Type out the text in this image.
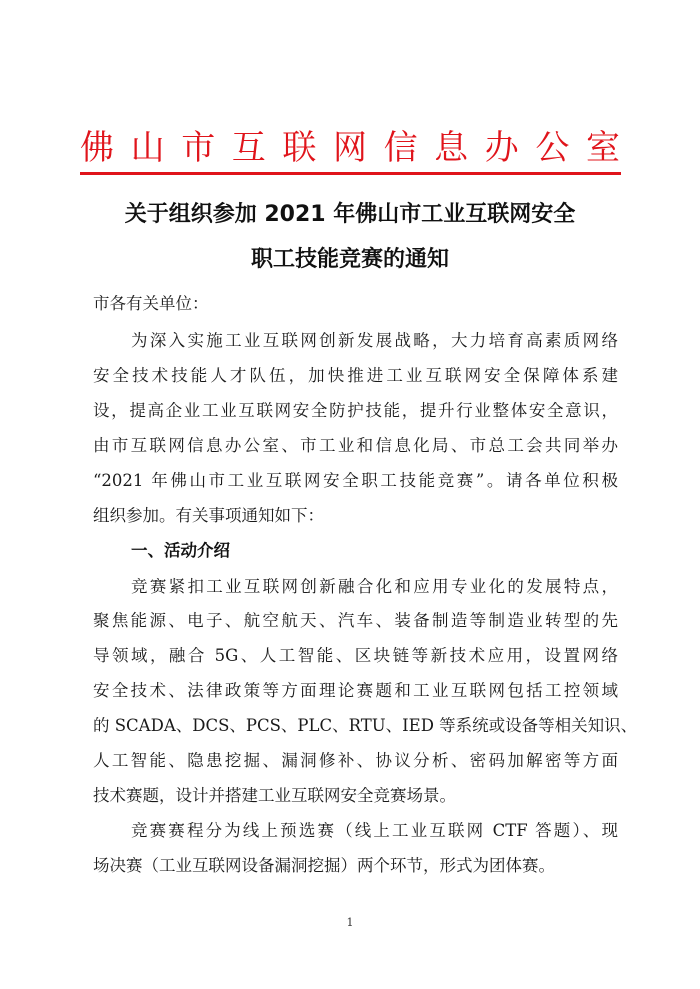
佛 山 市 互 联 网 信 息 办 公 室
关于组织参加 2021 年佛山市工业互联网安全
职工技能竞赛的通知
市各有关单位：
为深入实施工业互联网创新发展战略，大力培育高素质网络
安全技术技能人才队伍，加快推进工业互联网安全保障体系建
设，提高企业工业互联网安全防护技能，提升行业整体安全意识，
由市互联网信息办公室、市工业和信息化局、市总工会共同举办
“2021 年佛山市工业互联网安全职工技能竞赛”。请各单位积极
组织参加。有关事项通知如下：
一、活动介绍
竞赛紧扣工业互联网创新融合化和应用专业化的发展特点，
聚焦能源、电子、航空航天、汽车、装备制造等制造业转型的先
导领域，融合 5G、人工智能、区块链等新技术应用，设置网络
安全技术、法律政策等方面理论赛题和工业互联网包括工控领域
的 SCADA、DCS、PCS、PLC、RTU、IED 等系统或设备等相关知识、
人工智能、隐患挖掘、漏洞修补、协议分析、密码加解密等方面
技术赛题，设计并搭建工业互联网安全竞赛场景。
竞赛赛程分为线上预选赛（线上工业互联网 CTF 答题）、现
场决赛（工业互联网设备漏洞挖掘）两个环节，形式为团体赛。
1
